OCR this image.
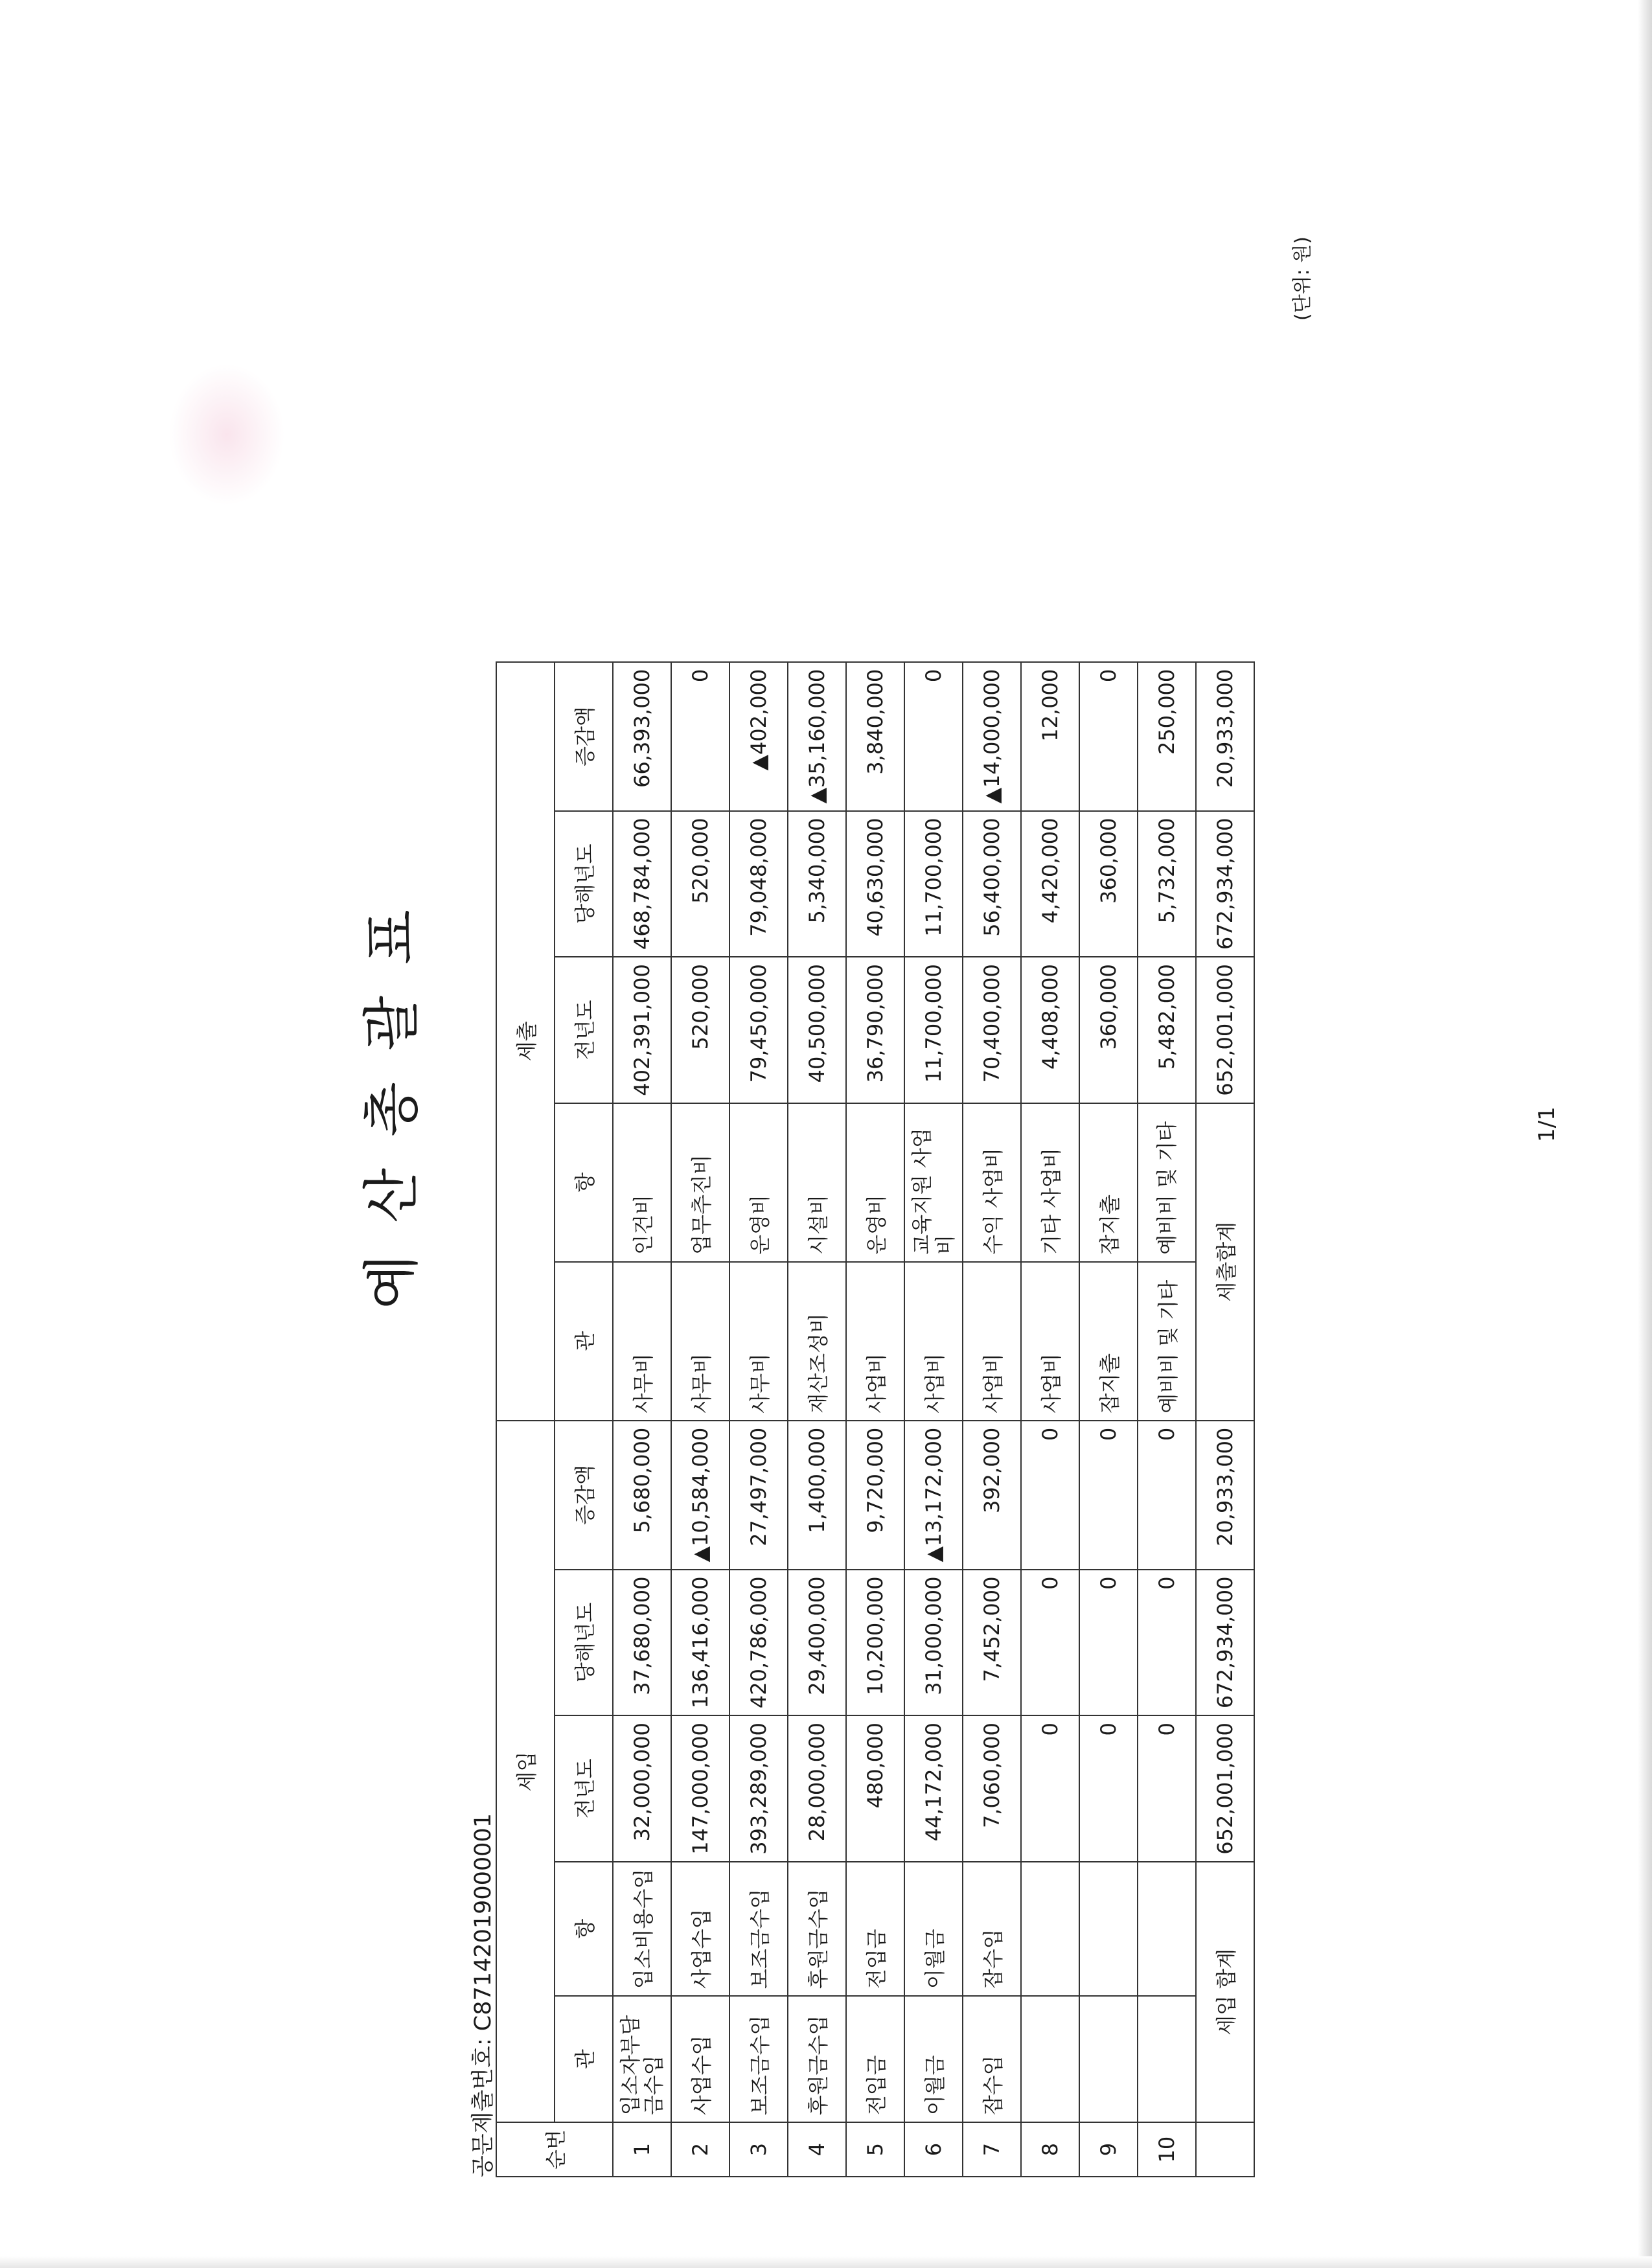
예 산 총 괄 표
공문제출번호: C87142019000001 순번	세입					세출				
	관	항	전년도	당해년도	증감액	관	항	전년도	당해년도	증감액
1	입소자부담금수입	입소비용수입	32,000,000	37,680,000	5,680,000	사무비	인건비	402,391,000	468,784,000	66,393,000
2	사업수입	사업수입	147,000,000	136,416,000	▲10,584,000	사무비	업무추진비	520,000	520,000	0
3	보조금수입	보조금수입	393,289,000	420,786,000	27,497,000	사무비	운영비	79,450,000	79,048,000	▲402,000
4	후원금수입	후원금수입	28,000,000	29,400,000	1,400,000	재산조성비	시설비	40,500,000	5,340,000	▲35,160,000
5	전입금	전입금	480,000	10,200,000	9,720,000	사업비	운영비	36,790,000	40,630,000	3,840,000
6	이월금	이월금	44,172,000	31,000,000	▲13,172,000	사업비	교육지원 사업비	11,700,000	11,700,000	0
7	잡수입	잡수입	7,060,000	7,452,000	392,000	사업비	수익 사업비	70,400,000	56,400,000	▲14,000,000
8			0	0	0	사업비	기타 사업비	4,408,000	4,420,000	12,000
9			0	0	0	잡지출	잡지출	360,000	360,000	0
10			0	0	0	예비비 및 기타	예비비 및 기타	5,482,000	5,732,000	250,000
	세입 합계		652,001,000	672,934,000	20,933,000	세출합계		652,001,000	672,934,000	20,933,000
(단위: 원)
1/1
